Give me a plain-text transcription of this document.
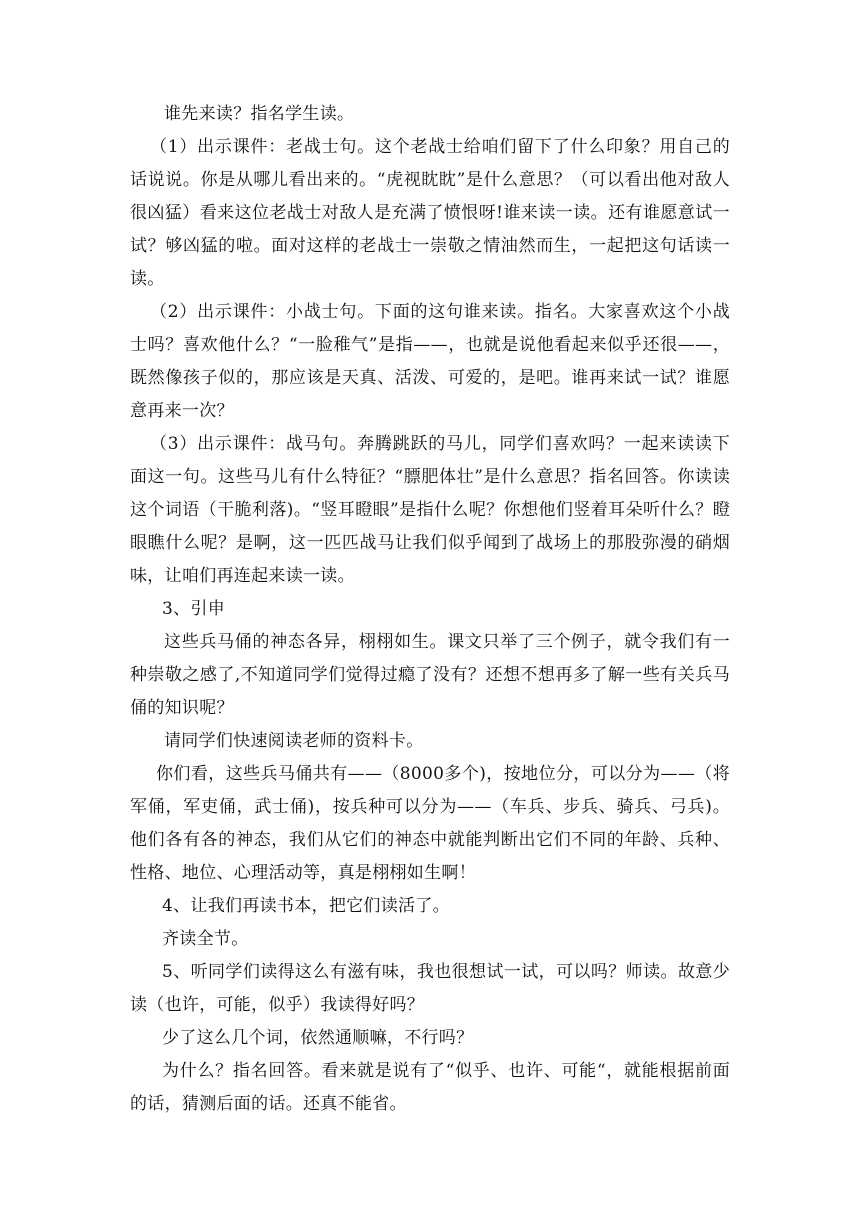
谁先来读？指名学生读。

（1）出示课件：老战士句。这个老战士给咱们留下了什么印象？用自己的话说说。你是从哪儿看出来的。“虎视眈眈”是什么意思？（可以看出他对敌人很凶猛）看来这位老战士对敌人是充满了愤恨呀!谁来读一读。还有谁愿意试一试？够凶猛的啦。面对这样的老战士一崇敬之情油然而生，一起把这句话读一读。

（2）出示课件：小战士句。下面的这句谁来读。指名。大家喜欢这个小战士吗？喜欢他什么？“一脸稚气”是指——，也就是说他看起来似乎还很——，既然像孩子似的，那应该是天真、活泼、可爱的，是吧。谁再来试一试？谁愿意再来一次？

（3）出示课件：战马句。奔腾跳跃的马儿，同学们喜欢吗？一起来读读下面这一句。这些马儿有什么特征？“膘肥体壮”是什么意思？指名回答。你读读这个词语（干脆利落)。“竖耳瞪眼”是指什么呢？你想他们竖着耳朵听什么？瞪眼瞧什么呢？是啊，这一匹匹战马让我们似乎闻到了战场上的那股弥漫的硝烟味，让咱们再连起来读一读。

3、引申

这些兵马俑的神态各异，栩栩如生。课文只举了三个例子，就令我们有一种崇敬之感了,不知道同学们觉得过瘾了没有？还想不想再多了解一些有关兵马俑的知识呢？

请同学们快速阅读老师的资料卡。

你们看，这些兵马俑共有——（8000多个)，按地位分，可以分为——（将军俑，军吏俑，武士俑)，按兵种可以分为——（车兵、步兵、骑兵、弓兵)。他们各有各的神态，我们从它们的神态中就能判断出它们不同的年龄、兵种、性格、地位、心理活动等，真是栩栩如生啊！

4、让我们再读书本，把它们读活了。

齐读全节。

5、听同学们读得这么有滋有味，我也很想试一试，可以吗？师读。故意少读（也许，可能，似乎）我读得好吗？

少了这么几个词，依然通顺嘛，不行吗？

为什么？指名回答。看来就是说有了“似乎、也许、可能“，就能根据前面的话，猜测后面的话。还真不能省。
